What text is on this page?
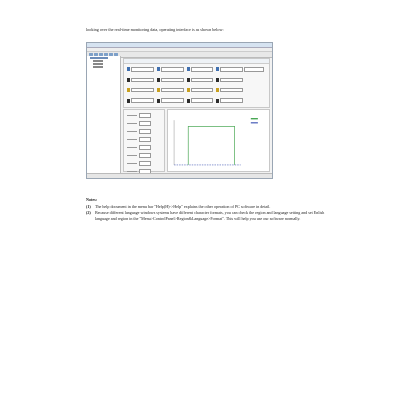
looking over the real-time monitoring data, operating interface is as shown below:
Notes:
(1)	The help document in the menu bar "Help(H)->Help" explains the other operation of PC software in detail.
(2)	Because different language windows systems have different character formats, you can check the region and language setting and set Enlish language and region in the "Menu>ControlPanel>Region&Language>Format". This will help you use our software normally.
